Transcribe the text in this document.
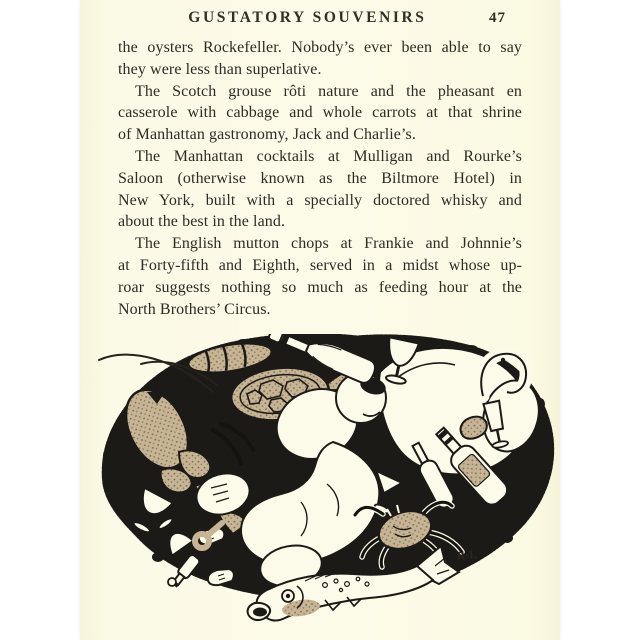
GUSTATORY SOUVENIRS	47
the oysters Rockefeller. Nobody’s ever been able to say
they were less than superlative.
The Scotch grouse rôti nature and the pheasant en
casserole with cabbage and whole carrots at that shrine
of Manhattan gastronomy, Jack and Charlie’s.
The Manhattan cocktails at Mulligan and Rourke’s
Saloon (otherwise known as the Biltmore Hotel) in
New York, built with a specially doctored whisky and
about the best in the land.
The English mutton chops at Frankie and Johnnie’s
at Forty-fifth and Eighth, served in a midst whose up-
roar suggests nothing so much as feeding hour at the
North Brothers’ Circus.
R·l.
